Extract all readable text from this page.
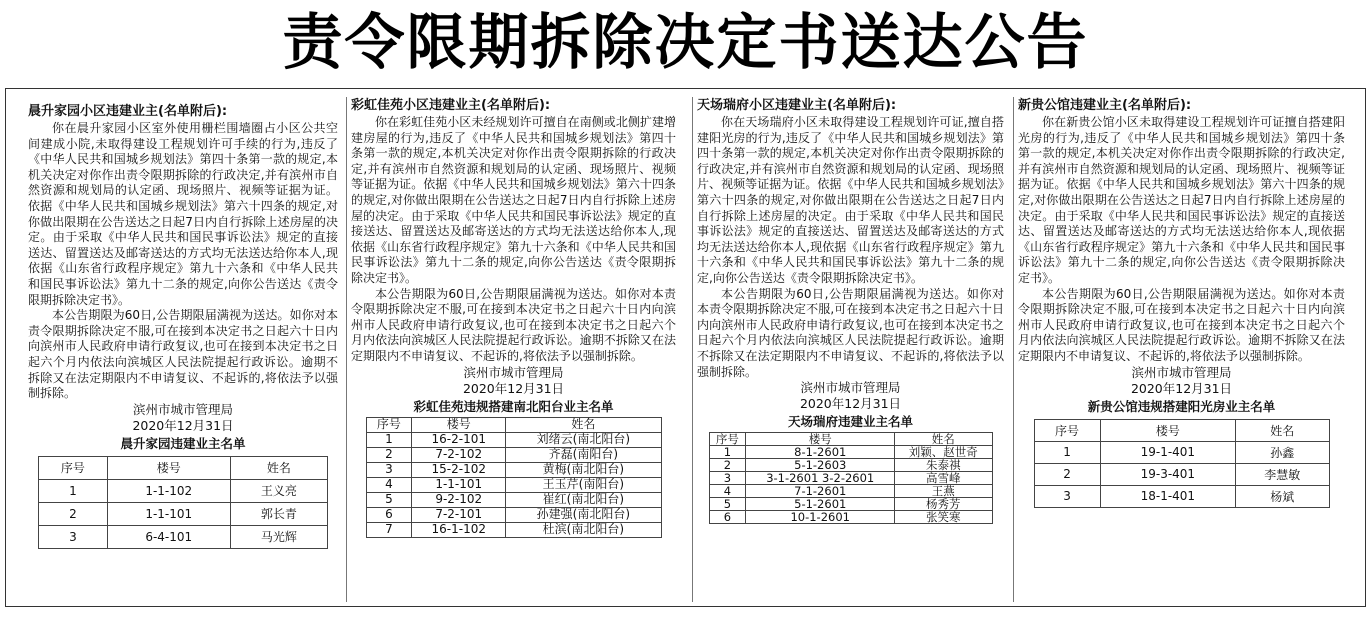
责令限期拆除决定书送达公告
晨升家园小区违建业主(名单附后):

你在晨升家园小区室外使用栅栏围墙圈占小区公共空间建成小院,未取得建设工程规划许可手续的行为,违反了《中华人民共和国城乡规划法》第四十条第一款的规定,本机关决定对你作出责令限期拆除的行政决定,并有滨州市自然资源和规划局的认定函、现场照片、视频等证据为证。依据《中华人民共和国城乡规划法》第六十四条的规定,对你做出限期在公告送达之日起7日内自行拆除上述房屋的决定。由于采取《中华人民共和国民事诉讼法》规定的直接送达、留置送达及邮寄送达的方式均无法送达给你本人,现依据《山东省行政程序规定》第九十六条和《中华人民共和国民事诉讼法》第九十二条的规定,向你公告送达《责令限期拆除决定书》。

本公告期限为60日,公告期限届满视为送达。如你对本责令限期拆除决定不服,可在接到本决定书之日起六十日内向滨州市人民政府申请行政复议,也可在接到本决定书之日起六个月内依法向滨城区人民法院提起行政诉讼。逾期不拆除又在法定期限内不申请复议、不起诉的,将依法予以强制拆除。

滨州市城市管理局
2020年12月31日
晨升家园违建业主名单
序号	楼号	姓名
1	1-1-102	王义亮
2	1-1-101	郭长青
3	6-4-101	马光辉
彩虹佳苑小区违建业主(名单附后):

你在彩虹佳苑小区未经规划许可擅自在南侧或北侧扩建增建房屋的行为,违反了《中华人民共和国城乡规划法》第四十条第一款的规定,本机关决定对你作出责令限期拆除的行政决定,并有滨州市自然资源和规划局的认定函、现场照片、视频等证据为证。依据《中华人民共和国城乡规划法》第六十四条的规定,对你做出限期在公告送达之日起7日内自行拆除上述房屋的决定。由于采取《中华人民共和国民事诉讼法》规定的直接送达、留置送达及邮寄送达的方式均无法送达给你本人,现依据《山东省行政程序规定》第九十六条和《中华人民共和国民事诉讼法》第九十二条的规定,向你公告送达《责令限期拆除决定书》。

本公告期限为60日,公告期限届满视为送达。如你对本责令限期拆除决定不服,可在接到本决定书之日起六十日内向滨州市人民政府申请行政复议,也可在接到本决定书之日起六个月内依法向滨城区人民法院提起行政诉讼。逾期不拆除又在法定期限内不申请复议、不起诉的,将依法予以强制拆除。

滨州市城市管理局
2020年12月31日
彩虹佳苑违规搭建南北阳台业主名单
序号	楼号	姓名
1	16-2-101	刘绪云(南北阳台)
2	7-2-102	齐磊(南阳台)
3	15-2-102	黄梅(南北阳台)
4	1-1-101	王玉芹(南阳台)
5	9-2-102	崔红(南北阳台)
6	7-2-101	孙建强(南北阳台)
7	16-1-102	杜滨(南北阳台)
天场瑞府小区违建业主(名单附后):

你在天场瑞府小区未取得建设工程规划许可证,擅自搭建阳光房的行为,违反了《中华人民共和国城乡规划法》第四十条第一款的规定,本机关决定对你作出责令限期拆除的行政决定,并有滨州市自然资源和规划局的认定函、现场照片、视频等证据为证。依据《中华人民共和国城乡规划法》第六十四条的规定,对你做出限期在公告送达之日起7日内自行拆除上述房屋的决定。由于采取《中华人民共和国民事诉讼法》规定的直接送达、留置送达及邮寄送达的方式均无法送达给你本人,现依据《山东省行政程序规定》第九十六条和《中华人民共和国民事诉讼法》第九十二条的规定,向你公告送达《责令限期拆除决定书》。

本公告期限为60日,公告期限届满视为送达。如你对本责令限期拆除决定不服,可在接到本决定书之日起六十日内向滨州市人民政府申请行政复议,也可在接到本决定书之日起六个月内依法向滨城区人民法院提起行政诉讼。逾期不拆除又在法定期限内不申请复议、不起诉的,将依法予以强制拆除。

滨州市城市管理局
2020年12月31日
天场瑞府违建业主名单
序号	楼号	姓名
1	8-1-2601	刘颖、赵世奇
2	5-1-2603	朱泰祺
3	3-1-2601 3-2-2601	高雪峰
4	7-1-2601	王燕
5	5-1-2601	杨秀芳
6	10-1-2601	张笑寒
新贵公馆违建业主(名单附后):

你在新贵公馆小区未取得建设工程规划许可证擅自搭建阳光房的行为,违反了《中华人民共和国城乡规划法》第四十条第一款的规定,本机关决定对你作出责令限期拆除的行政决定,并有滨州市自然资源和规划局的认定函、现场照片、视频等证据为证。依据《中华人民共和国城乡规划法》第六十四条的规定,对你做出限期在公告送达之日起7日内自行拆除上述房屋的决定。由于采取《中华人民共和国民事诉讼法》规定的直接送达、留置送达及邮寄送达的方式均无法送达给你本人,现依据《山东省行政程序规定》第九十六条和《中华人民共和国民事诉讼法》第九十二条的规定,向你公告送达《责令限期拆除决定书》。

本公告期限为60日,公告期限届满视为送达。如你对本责令限期拆除决定不服,可在接到本决定书之日起六十日内向滨州市人民政府申请行政复议,也可在接到本决定书之日起六个月内依法向滨城区人民法院提起行政诉讼。逾期不拆除又在法定期限内不申请复议、不起诉的,将依法予以强制拆除。

滨州市城市管理局
2020年12月31日
新贵公馆违规搭建阳光房业主名单
序号	楼号	姓名
1	19-1-401	孙鑫
2	19-3-401	李慧敏
3	18-1-401	杨斌
